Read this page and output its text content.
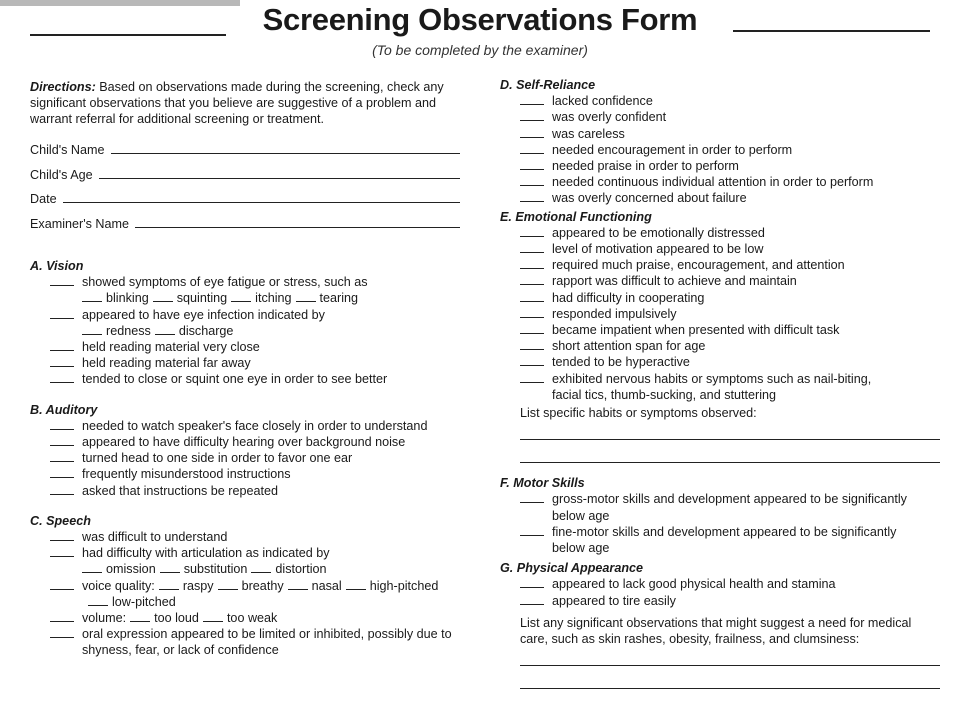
Screening Observations Form
(To be completed by the examiner)

Directions: Based on observations made during the screening, check any significant observations that you believe are suggestive of a problem and warrant referral for additional screening or treatment.

Child's Name
Child's Age
Date
Examiner's Name
A. Vision
showed symptoms of eye fatigue or stress, such as
blinking squinting itching tearing
appeared to have eye infection indicated by
redness discharge
held reading material very close
held reading material far away
tended to close or squint one eye in order to see better
B. Auditory
needed to watch speaker's face closely in order to understand
appeared to have difficulty hearing over background noise
turned head to one side in order to favor one ear
frequently misunderstood instructions
asked that instructions be repeated
C. Speech
was difficult to understand
had difficulty with articulation as indicated by
omission substitution distortion
voice quality: raspy breathy nasal high-pitched
low-pitched
volume: too loud too weak
oral expression appeared to be limited or inhibited, possibly due to
shyness, fear, or lack of confidence
D. Self-Reliance
lacked confidence
was overly confident
was careless
needed encouragement in order to perform
needed praise in order to perform
needed continuous individual attention in order to perform
was overly concerned about failure
E. Emotional Functioning
appeared to be emotionally distressed
level of motivation appeared to be low
required much praise, encouragement, and attention
rapport was difficult to achieve and maintain
had difficulty in cooperating
responded impulsively
became impatient when presented with difficult task
short attention span for age
tended to be hyperactive
exhibited nervous habits or symptoms such as nail-biting,
facial tics, thumb-sucking, and stuttering
List specific habits or symptoms observed:
F. Motor Skills
gross-motor skills and development appeared to be significantly
below age
fine-motor skills and development appeared to be significantly
below age
G. Physical Appearance
appeared to lack good physical health and stamina
appeared to tire easily
List any significant observations that might suggest a need for medical care, such as skin rashes, obesity, frailness, and clumsiness:
